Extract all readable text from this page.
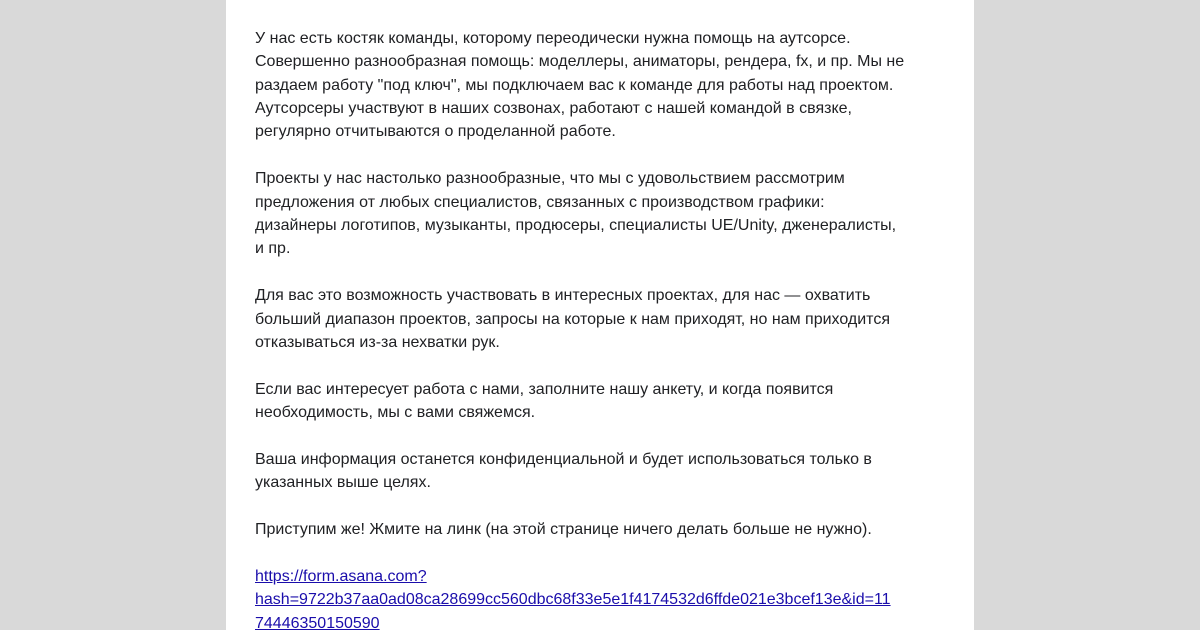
У нас есть костяк команды, которому переодически нужна помощь на аутсорсе.
Совершенно разнообразная помощь: моделлеры, аниматоры, рендера, fx, и пр. Мы не
раздаем работу "под ключ", мы подключаем вас к команде для работы над проектом.
Аутсорсеры участвуют в наших созвонах, работают с нашей командой в связке,
регулярно отчитываются о проделанной работе.

Проекты у нас настолько разнообразные, что мы с удовольствием рассмотрим
предложения от любых специалистов, связанных с производством графики:
дизайнеры логотипов, музыканты, продюсеры, специалисты UE/Unity, дженералисты,
и пр.

Для вас это возможность участвовать в интересных проектах, для нас — охватить
больший диапазон проектов, запросы на которые к нам приходят, но нам приходится
отказываться из-за нехватки рук.

Если вас интересует работа с нами, заполните нашу анкету, и когда появится
необходимость, мы с вами свяжемся.

Ваша информация останется конфиденциальной и будет использоваться только в
указанных выше целях.

Приступим же! Жмите на линк (на этой странице ничего делать больше не нужно).

https://form.asana.com?
hash=9722b37aa0ad08ca28699cc560dbc68f33e5e1f4174532d6ffde021e3bcef13e&id=11
74446350150590
